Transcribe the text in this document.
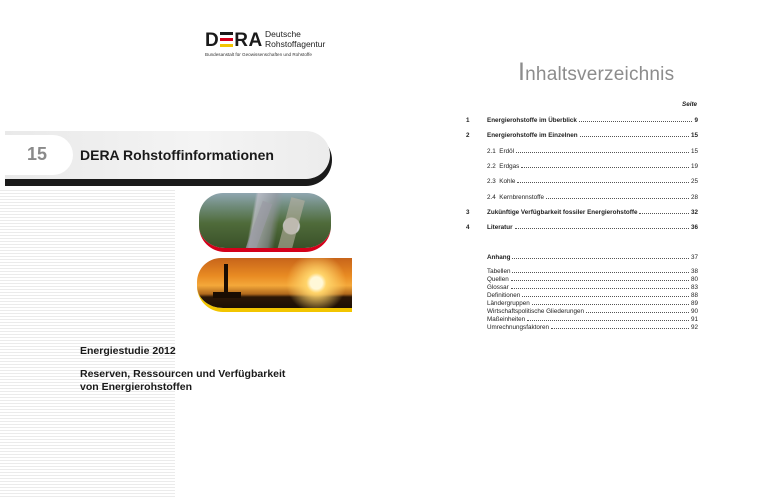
D RA Deutsche
Rohstoffagentur
Bundesanstalt für Geowissenschaften und Rohstoffe
15 DERA Rohstoffinformationen
Energiestudie 2012
Reserven, Ressourcen und Verfügbarkeit
von Energierohstoffen
Inhaltsverzeichnis
Seite
1	Energierohstoffe im Überblick	9
2	Energierohstoffe im Einzelnen	15
2.1 Erdöl	15
2.2 Erdgas	19
2.3 Kohle	25
2.4 Kernbrennstoffe	28
3	Zukünftige Verfügbarkeit fossiler Energierohstoffe	32
4	Literatur	36
Anhang	37
Tabellen	38
Quellen	80
Glossar	83
Definitionen	88
Ländergruppen	89
Wirtschaftspolitische Gliederungen	90
Maßeinheiten	91
Umrechnungsfaktoren	92
